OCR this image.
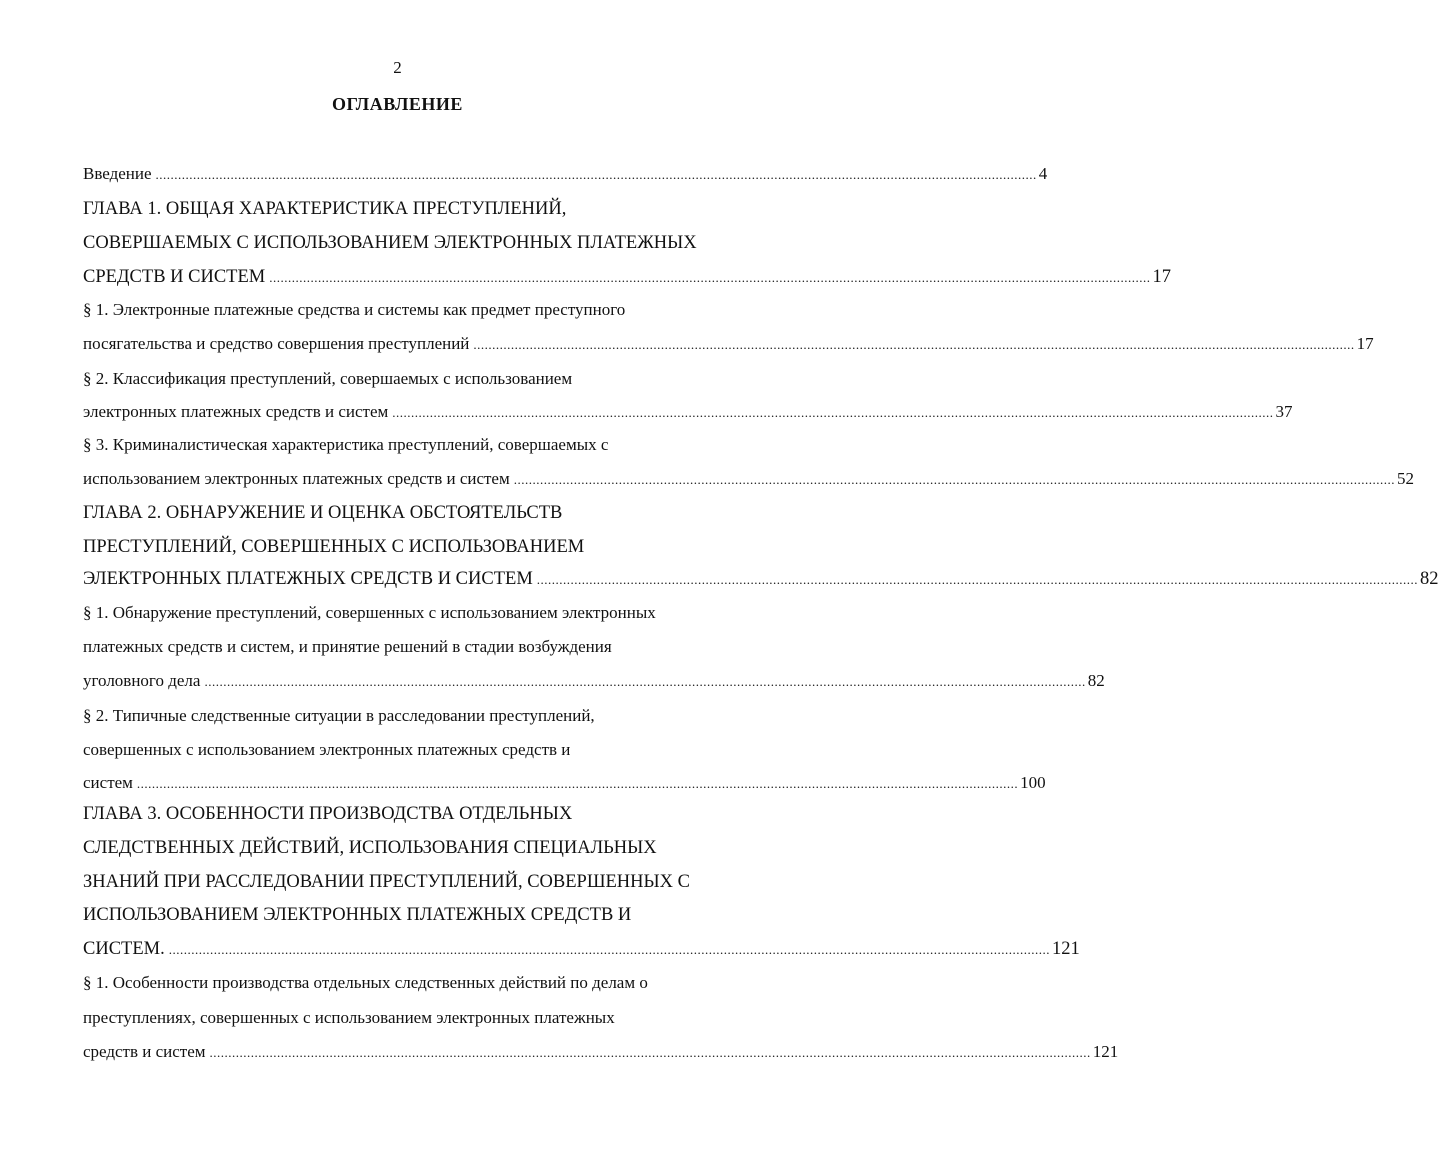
2
ОГЛАВЛЕНИЕ
Введение ........................................................................................................................................................................................................................................... 4
ГЛАВА 1. ОБЩАЯ ХАРАКТЕРИСТИКА ПРЕСТУПЛЕНИЙ,
СОВЕРШАЕМЫХ С ИСПОЛЬЗОВАНИЕМ ЭЛЕКТРОННЫХ ПЛАТЕЖНЫХ
СРЕДСТВ И СИСТЕМ ........................................................................................................................................................................................................................................... 17
§ 1. Электронные платежные средства и системы как предмет преступного
посягательства и средство совершения преступлений ........................................................................................................................................................................................................................................... 17
§ 2. Классификация преступлений, совершаемых с использованием
электронных платежных средств и систем ........................................................................................................................................................................................................................................... 37
§ 3. Криминалистическая характеристика преступлений, совершаемых с
использованием электронных платежных средств и систем ........................................................................................................................................................................................................................................... 52
ГЛАВА 2. ОБНАРУЖЕНИЕ И ОЦЕНКА ОБСТОЯТЕЛЬСТВ
ПРЕСТУПЛЕНИЙ, СОВЕРШЕННЫХ С ИСПОЛЬЗОВАНИЕМ
ЭЛЕКТРОННЫХ ПЛАТЕЖНЫХ СРЕДСТВ И СИСТЕМ ........................................................................................................................................................................................................................................... 82
§ 1. Обнаружение преступлений, совершенных с использованием электронных
платежных средств и систем, и принятие решений в стадии возбуждения
уголовного дела ........................................................................................................................................................................................................................................... 82
§ 2. Типичные следственные ситуации в расследовании преступлений,
совершенных с использованием электронных платежных средств и
систем ........................................................................................................................................................................................................................................... 100
ГЛАВА 3. ОСОБЕННОСТИ ПРОИЗВОДСТВА ОТДЕЛЬНЫХ
СЛЕДСТВЕННЫХ ДЕЙСТВИЙ, ИСПОЛЬЗОВАНИЯ СПЕЦИАЛЬНЫХ
ЗНАНИЙ ПРИ РАССЛЕДОВАНИИ ПРЕСТУПЛЕНИЙ, СОВЕРШЕННЫХ С
ИСПОЛЬЗОВАНИЕМ ЭЛЕКТРОННЫХ ПЛАТЕЖНЫХ СРЕДСТВ И
СИСТЕМ. ........................................................................................................................................................................................................................................... 121
§ 1. Особенности производства отдельных следственных действий по делам о
преступлениях, совершенных с использованием электронных платежных
средств и систем ........................................................................................................................................................................................................................................... 121
